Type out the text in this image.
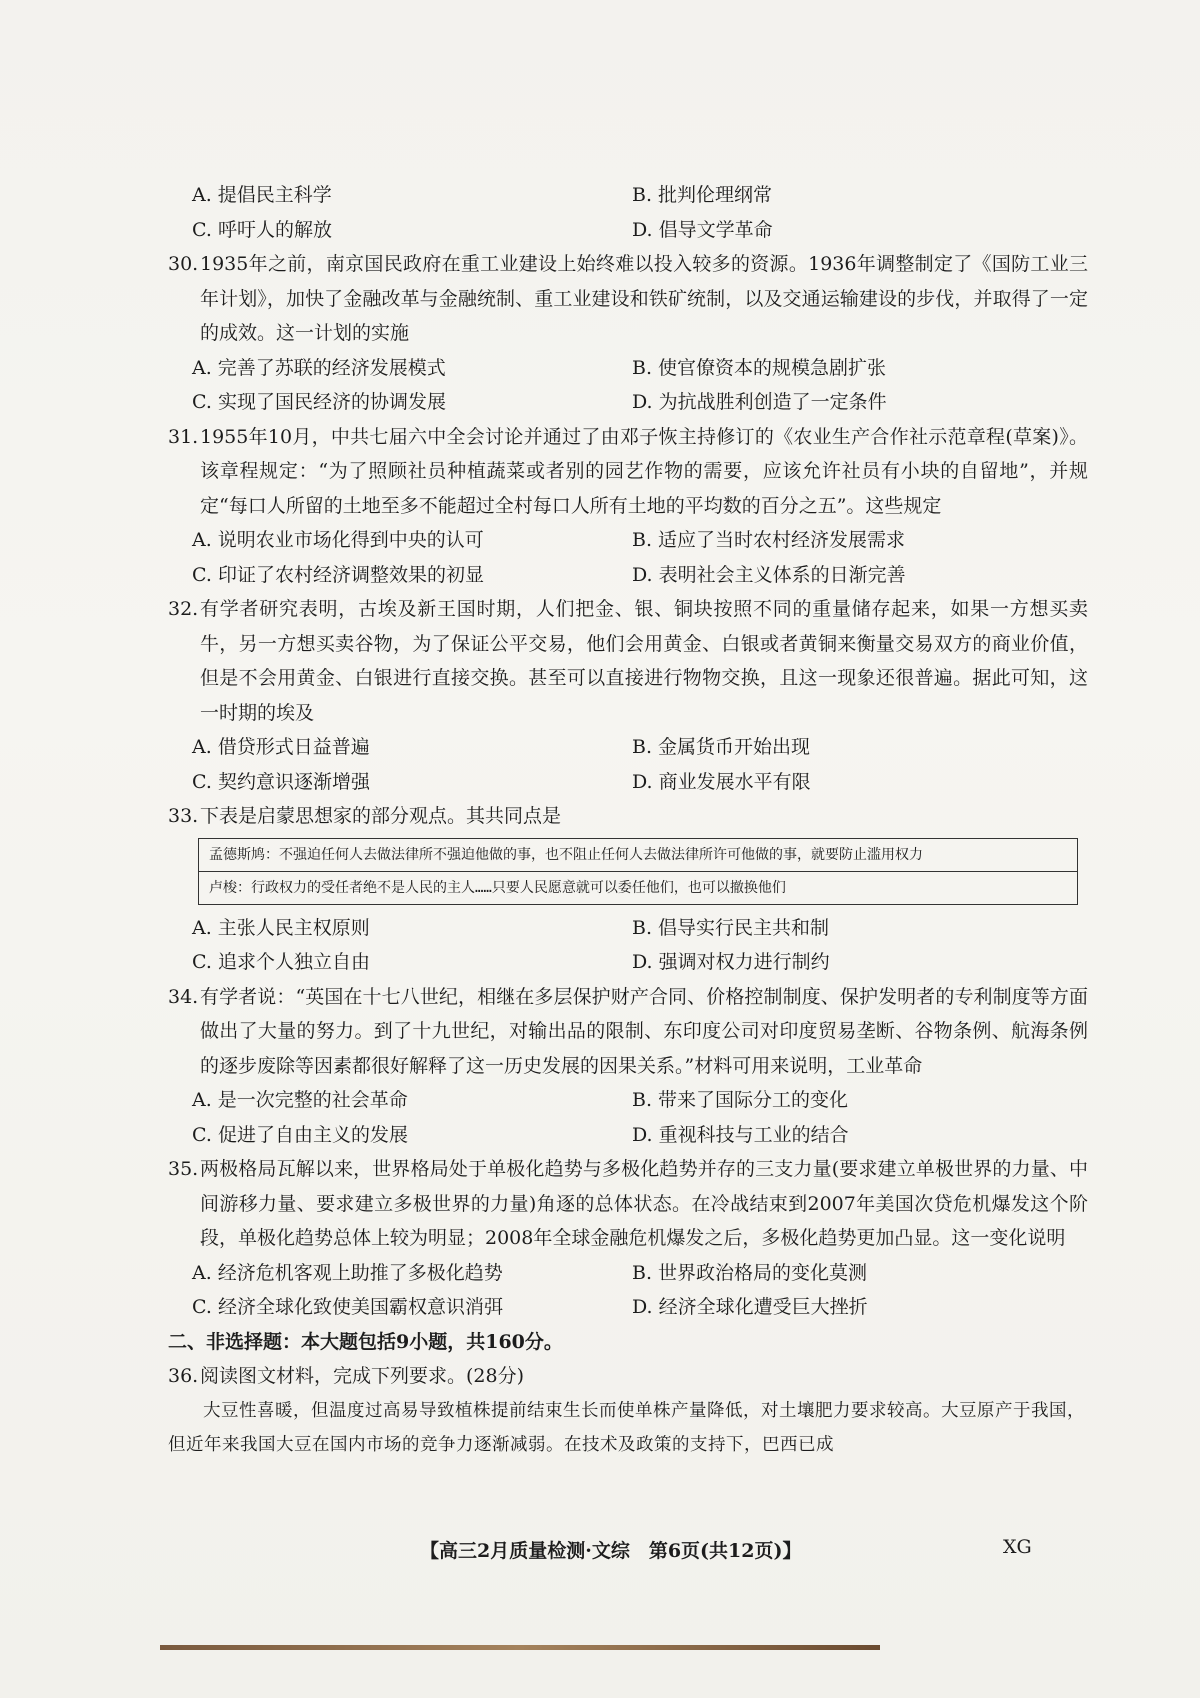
A. 提倡民主科学	B. 批判伦理纲常
C. 呼吁人的解放	D. 倡导文学革命
30. 1935年之前，南京国民政府在重工业建设上始终难以投入较多的资源。1936年调整制定了《国防工业三年计划》，加快了金融改革与金融统制、重工业建设和铁矿统制，以及交通运输建设的步伐，并取得了一定的成效。这一计划的实施
A. 完善了苏联的经济发展模式	B. 使官僚资本的规模急剧扩张
C. 实现了国民经济的协调发展	D. 为抗战胜利创造了一定条件
31. 1955年10月，中共七届六中全会讨论并通过了由邓子恢主持修订的《农业生产合作社示范章程(草案)》。该章程规定：“为了照顾社员种植蔬菜或者别的园艺作物的需要，应该允许社员有小块的自留地”，并规定“每口人所留的土地至多不能超过全村每口人所有土地的平均数的百分之五”。这些规定
A. 说明农业市场化得到中央的认可	B. 适应了当时农村经济发展需求
C. 印证了农村经济调整效果的初显	D. 表明社会主义体系的日渐完善
32. 有学者研究表明，古埃及新王国时期，人们把金、银、铜块按照不同的重量储存起来，如果一方想买卖牛，另一方想买卖谷物，为了保证公平交易，他们会用黄金、白银或者黄铜来衡量交易双方的商业价值，但是不会用黄金、白银进行直接交换。甚至可以直接进行物物交换，且这一现象还很普遍。据此可知，这一时期的埃及
A. 借贷形式日益普遍	B. 金属货币开始出现
C. 契约意识逐渐增强	D. 商业发展水平有限
33. 下表是启蒙思想家的部分观点。其共同点是
孟德斯鸠：不强迫任何人去做法律所不强迫他做的事，也不阻止任何人去做法律所许可他做的事，就要防止滥用权力
卢梭：行政权力的受任者绝不是人民的主人……只要人民愿意就可以委任他们，也可以撤换他们
A. 主张人民主权原则	B. 倡导实行民主共和制
C. 追求个人独立自由	D. 强调对权力进行制约
34. 有学者说：“英国在十七八世纪，相继在多层保护财产合同、价格控制制度、保护发明者的专利制度等方面做出了大量的努力。到了十九世纪，对输出品的限制、东印度公司对印度贸易垄断、谷物条例、航海条例的逐步废除等因素都很好解释了这一历史发展的因果关系。”材料可用来说明，工业革命
A. 是一次完整的社会革命	B. 带来了国际分工的变化
C. 促进了自由主义的发展	D. 重视科技与工业的结合
35. 两极格局瓦解以来，世界格局处于单极化趋势与多极化趋势并存的三支力量(要求建立单极世界的力量、中间游移力量、要求建立多极世界的力量)角逐的总体状态。在冷战结束到2007年美国次贷危机爆发这个阶段，单极化趋势总体上较为明显；2008年全球金融危机爆发之后，多极化趋势更加凸显。这一变化说明
A. 经济危机客观上助推了多极化趋势	B. 世界政治格局的变化莫测
C. 经济全球化致使美国霸权意识消弭	D. 经济全球化遭受巨大挫折
二、非选择题：本大题包括9小题，共160分。
36. 阅读图文材料，完成下列要求。(28分)
大豆性喜暖，但温度过高易导致植株提前结束生长而使单株产量降低，对土壤肥力要求较高。大豆原产于我国，但近年来我国大豆在国内市场的竞争力逐渐减弱。在技术及政策的支持下，巴西已成
【高三2月质量检测·文综　第6页(共12页)】	XG
